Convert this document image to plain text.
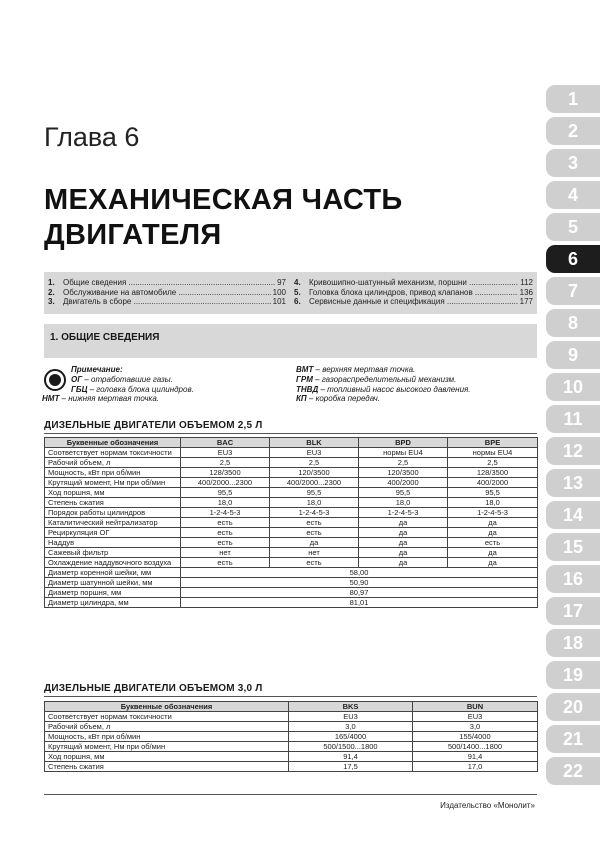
Глава 6
МЕХАНИЧЕСКАЯ ЧАСТЬ
ДВИГАТЕЛЯ
1
2
3
4
5
6
7
8
9
10
11
12
13
14
15
16
17
18
19
20
21
22
1.	Общие сведения .....	97
2.	Обслуживание на автомобиле .....	100
3.	Двигатель в сборе .....	101
4.	Кривошипно-шатунный механизм, поршни .....	112
5.	Головка блока цилиндров, привод клапанов .....	136
6.	Сервисные данные и спецификация .....	177
1. ОБЩИЕ СВЕДЕНИЯ
Примечание:
ОГ – отработавшие газы.
ГБЦ – головка блока цилиндров.
НМТ – нижняя мертвая точка.
ВМТ – верхняя мертвая точка.
ГРМ – газораспределительный механизм.
ТНВД – топливный насос высокого давления.
КП – коробка передач.
ДИЗЕЛЬНЫЕ ДВИГАТЕЛИ ОБЪЕМОМ 2,5 Л
Буквенные обозначения	BAC	BLK	BPD	BPE
Соответствует нормам токсичности	EU3	EU3	нормы EU4	нормы EU4
Рабочий объем, л	2,5	2,5	2,5	2,5
Мощность, кВт при об/мин	128/3500	120/3500	120/3500	128/3500
Крутящий момент, Нм при об/мин	400/2000...2300	400/2000...2300	400/2000	400/2000
Ход поршня, мм	95,5	95,5	95,5	95,5
Степень сжатия	18,0	18,0	18,0	18,0
Порядок работы цилиндров	1-2-4-5-3	1-2-4-5-3	1-2-4-5-3	1-2-4-5-3
Каталитический нейтрализатор	есть	есть	да	да
Рециркуляция ОГ	есть	есть	да	да
Наддув	есть	да	да	есть
Сажевый фильтр	нет	нет	да	да
Охлаждение наддувочного воздуха	есть	есть	да	да
Диаметр коренной шейки, мм	58,00			
Диаметр шатунной шейки, мм	50,90			
Диаметр поршня, мм	80,97			
Диаметр цилиндра, мм	81,01			
ДИЗЕЛЬНЫЕ ДВИГАТЕЛИ ОБЪЕМОМ 3,0 Л
Буквенные обозначения	BKS	BUN
Соответствует нормам токсичности	EU3	EU3
Рабочий объем, л	3,0	3,0
Мощность, кВт при об/мин	165/4000	155/4000
Крутящий момент, Нм при об/мин	500/1500...1800	500/1400...1800
Ход поршня, мм	91,4	91,4
Степень сжатия	17,5	17,0
Издательство «Монолит»
